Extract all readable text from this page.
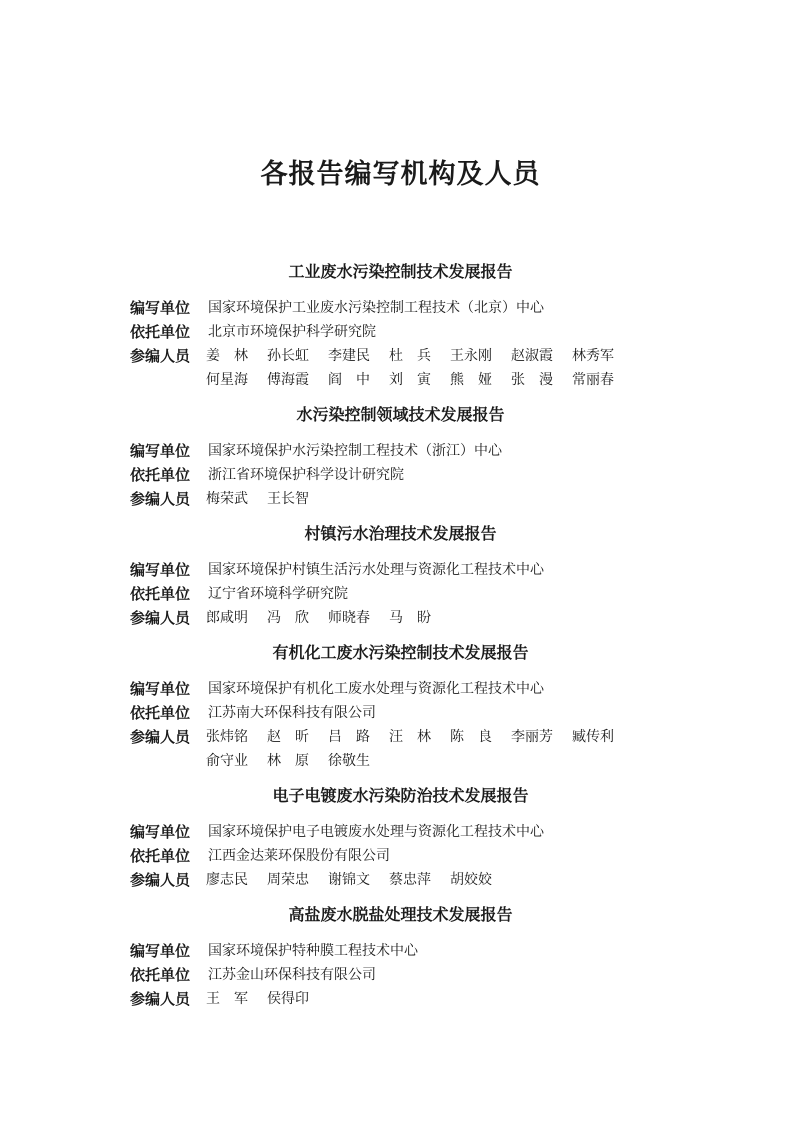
各报告编写机构及人员
工业废水污染控制技术发展报告
编写单位	国家环境保护工业废水污染控制工程技术（北京）中心
依托单位	北京市环境保护科学研究院
参编人员	姜　林 孙长虹 李建民 杜　兵 王永刚 赵淑霞 林秀军
何星海 傅海霞 阎　中 刘　寅 熊　娅 张　漫 常丽春
水污染控制领域技术发展报告
编写单位	国家环境保护水污染控制工程技术（浙江）中心
依托单位	浙江省环境保护科学设计研究院
参编人员	梅荣武 王长智
村镇污水治理技术发展报告
编写单位	国家环境保护村镇生活污水处理与资源化工程技术中心
依托单位	辽宁省环境科学研究院
参编人员	郎咸明 冯　欣 师晓春 马　盼
有机化工废水污染控制技术发展报告
编写单位	国家环境保护有机化工废水处理与资源化工程技术中心
依托单位	江苏南大环保科技有限公司
参编人员	张炜铭 赵　昕 吕　路 汪　林 陈　良 李丽芳 臧传利
俞守业 林　原 徐敬生
电子电镀废水污染防治技术发展报告
编写单位	国家环境保护电子电镀废水处理与资源化工程技术中心
依托单位	江西金达莱环保股份有限公司
参编人员	廖志民 周荣忠 谢锦文 蔡忠萍 胡姣姣
高盐废水脱盐处理技术发展报告
编写单位	国家环境保护特种膜工程技术中心
依托单位	江苏金山环保科技有限公司
参编人员	王　军 侯得印
